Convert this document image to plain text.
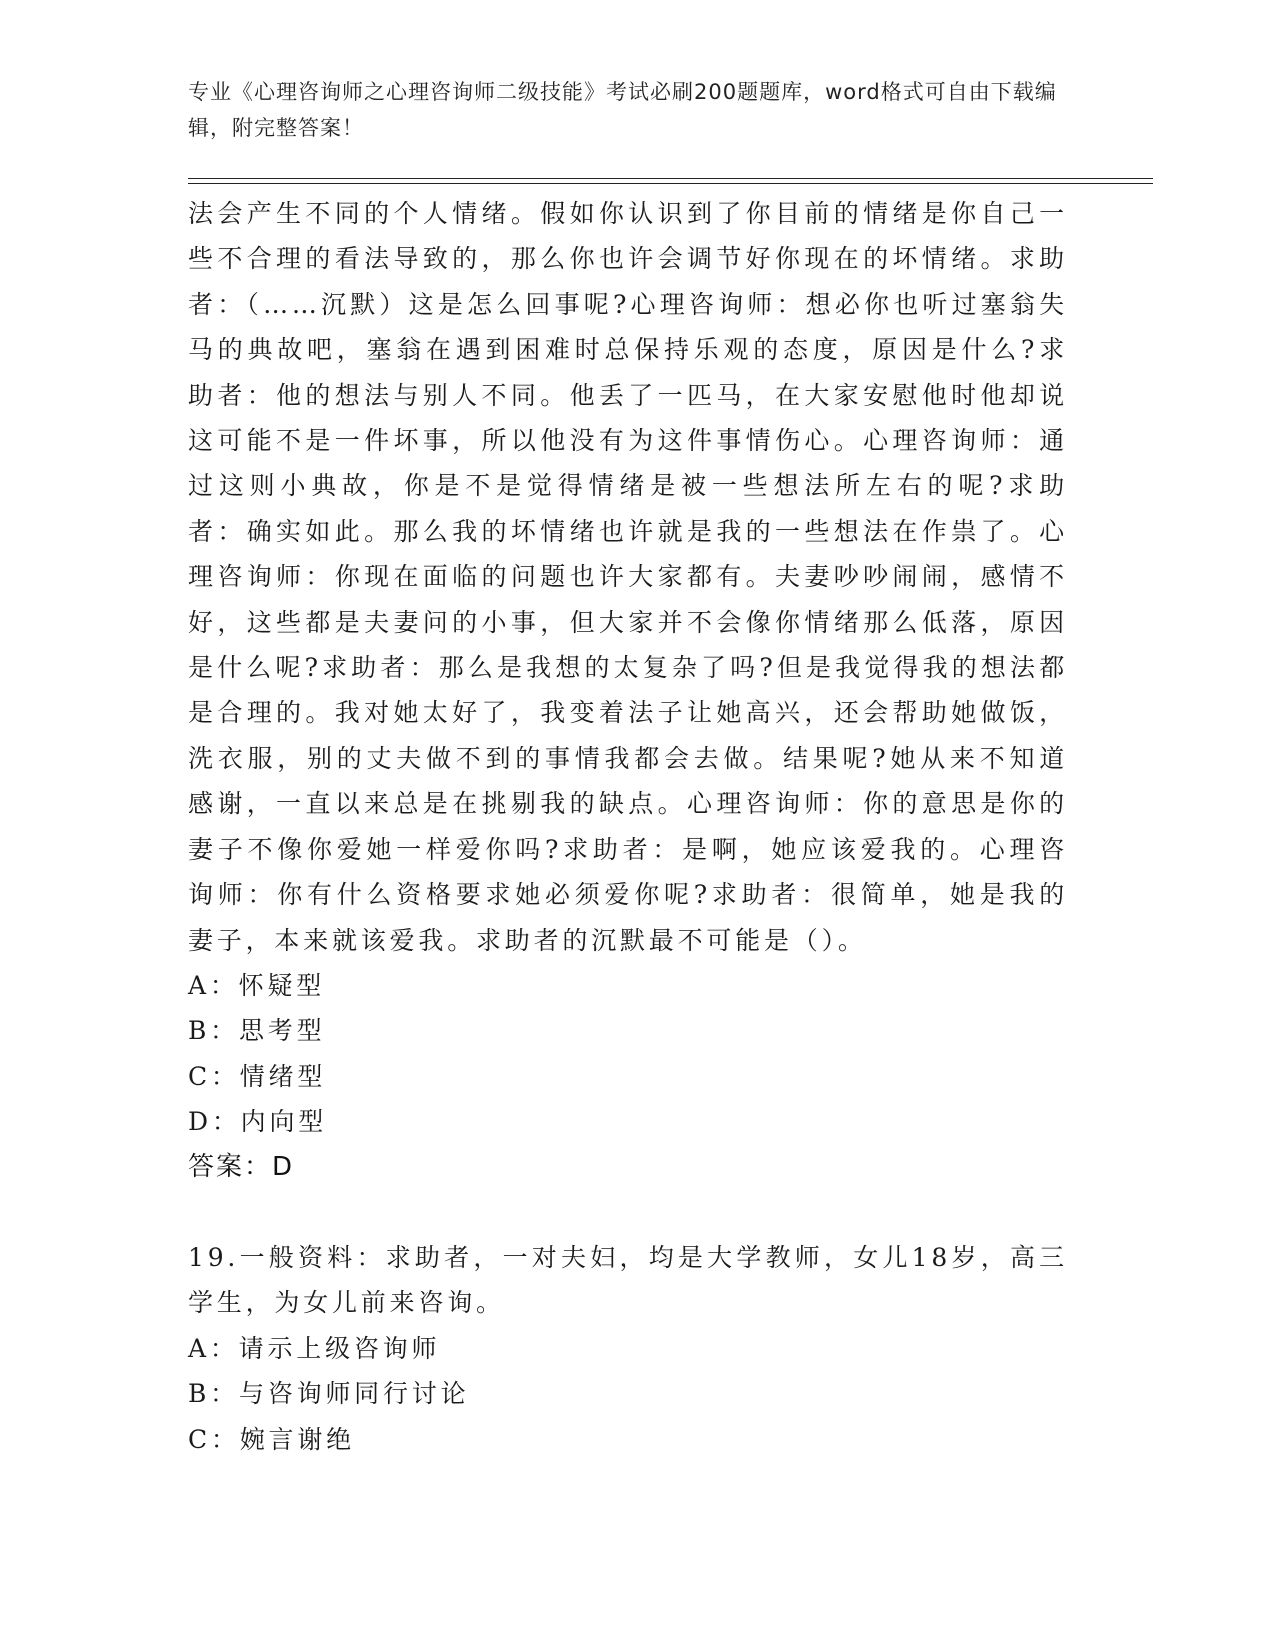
专业《心理咨询师之心理咨询师二级技能》考试必刷200题题库，word格式可自由下载编辑，附完整答案！

法会产生不同的个人情绪。假如你认识到了你目前的情绪是你自己一些不合理的看法导致的，那么你也许会调节好你现在的坏情绪。求助者：（……沉默）这是怎么回事呢?心理咨询师：想必你也听过塞翁失马的典故吧，塞翁在遇到困难时总保持乐观的态度，原因是什么?求助者：他的想法与别人不同。他丢了一匹马，在大家安慰他时他却说这可能不是一件坏事，所以他没有为这件事情伤心。心理咨询师：通过这则小典故，你是不是觉得情绪是被一些想法所左右的呢?求助者：确实如此。那么我的坏情绪也许就是我的一些想法在作祟了。心理咨询师：你现在面临的问题也许大家都有。夫妻吵吵闹闹，感情不好，这些都是夫妻问的小事，但大家并不会像你情绪那么低落，原因是什么呢?求助者：那么是我想的太复杂了吗?但是我觉得我的想法都是合理的。我对她太好了，我变着法子让她高兴，还会帮助她做饭，洗衣服，别的丈夫做不到的事情我都会去做。结果呢?她从来不知道感谢，一直以来总是在挑剔我的缺点。心理咨询师：你的意思是你的妻子不像你爱她一样爱你吗?求助者：是啊，她应该爱我的。心理咨询师：你有什么资格要求她必须爱你呢?求助者：很简单，她是我的妻子，本来就该爱我。求助者的沉默最不可能是（）。

A：怀疑型

B：思考型

C：情绪型

D：内向型

答案：D

19.一般资料：求助者，一对夫妇，均是大学教师，女儿18岁，高三学生，为女儿前来咨询。

A：请示上级咨询师

B：与咨询师同行讨论

C：婉言谢绝
